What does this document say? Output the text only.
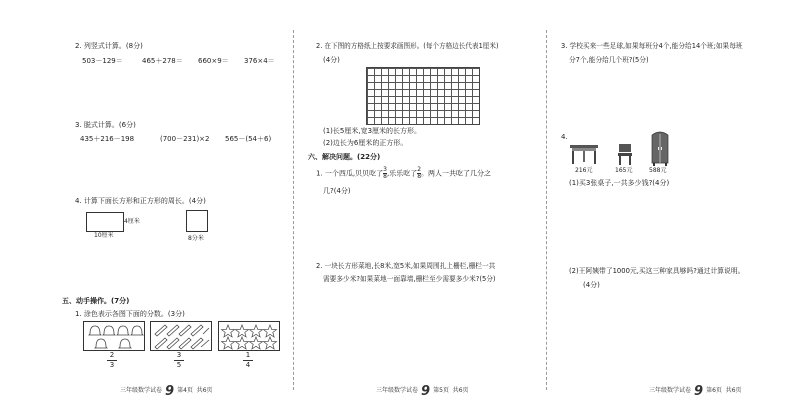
2. 列竖式计算。(8分)
503－129＝	465＋278＝ 660×9＝ 376×4＝
3. 脱式计算。(6分)
435＋216－198	(700－231)×2 565－(54＋6)
4. 计算下面长方形和正方形的周长。(4分)
4厘米
10厘米	8分米
五、动手操作。(7分)
1. 涂色表示各图下面的分数。(3分)
2
3
3
5
1
4
三年级数学试卷 9 第4页 共6页
2. 在下图的方格纸上按要求画图形。(每个方格边长代表1厘米)
(4分)
(1)长5厘米,宽3厘米的长方形。
(2)边长为6厘米的正方形。
六、解决问题。(22分)
1. 一个西瓜,贝贝吃了 $\frac{3}{8}$ ,乐乐吃了 $\frac{2}{8}$ 。两人一共吃了几分之
几?(4分)
2. 一块长方形菜地,长8米,宽5米,如果周围扎上栅栏,栅栏一共
需要多少米?如果菜地一面靠墙,栅栏至少需要多少米?(5分)
三年级数学试卷 9 第5页 共6页
3. 学校买来一些足球,如果每班分4个,能分给14个班;如果每班
分7个,能分给几个班?(5分)
4.
216元	165元	588元
(1)买3张桌子,一共多少钱?(4分)
(2)王阿姨带了1000元,买这三种家具够吗?通过计算说明。
(4分)
三年级数学试卷 9 第6页 共6页
